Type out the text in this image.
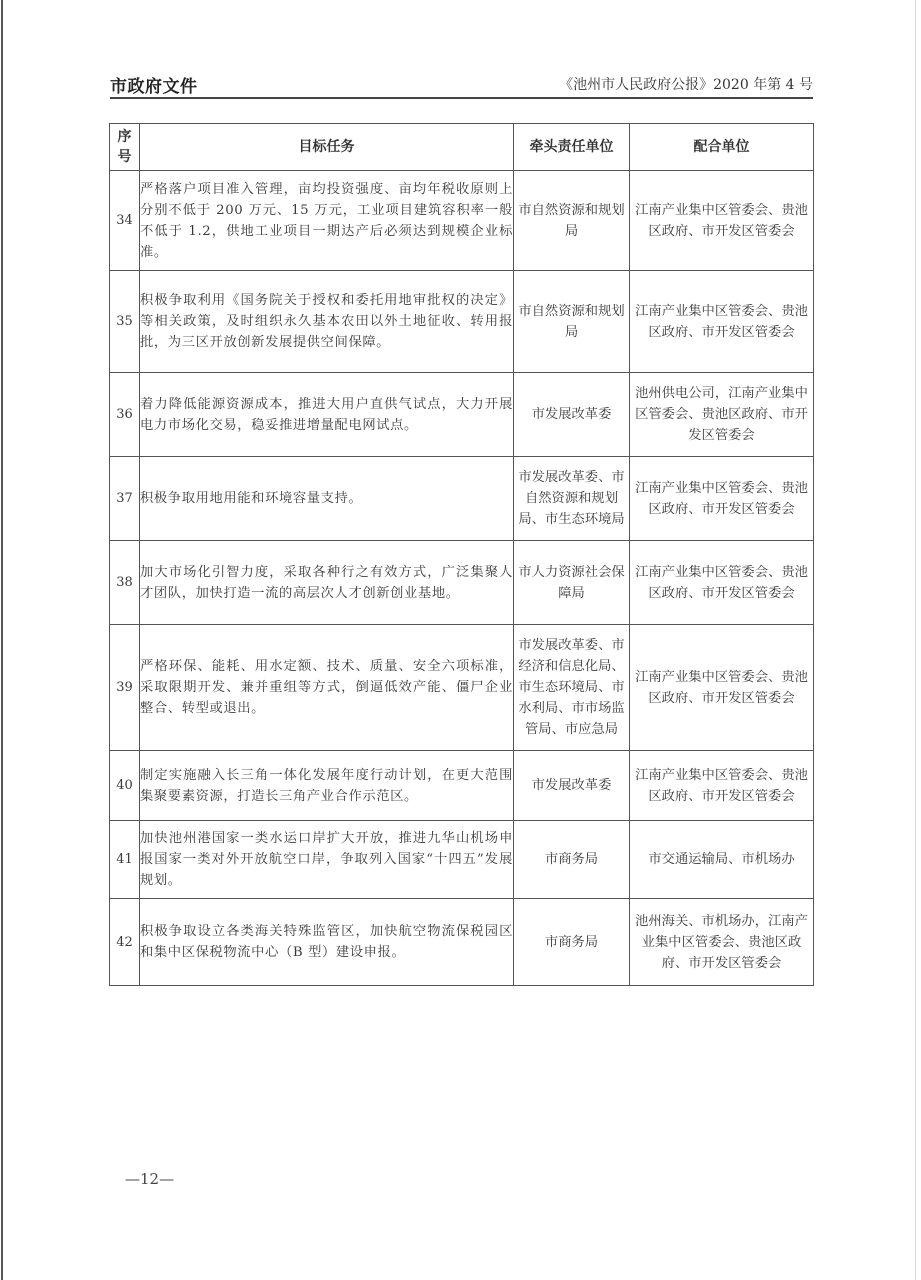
市政府文件	《池州市人民政府公报》2020 年第 4 号
序号	目标任务	牵头责任单位	配合单位
34	严格落户项目准入管理，亩均投资强度、亩均年税收原则上分别不低于 200 万元、15 万元，工业项目建筑容积率一般不低于 1.2，供地工业项目一期达产后必须达到规模企业标准。	市自然资源和规划局	江南产业集中区管委会、贵池区政府、市开发区管委会
35	积极争取利用《国务院关于授权和委托用地审批权的决定》等相关政策，及时组织永久基本农田以外土地征收、转用报批，为三区开放创新发展提供空间保障。	市自然资源和规划局	江南产业集中区管委会、贵池区政府、市开发区管委会
36	着力降低能源资源成本，推进大用户直供气试点，大力开展电力市场化交易，稳妥推进增量配电网试点。	市发展改革委	池州供电公司，江南产业集中区管委会、贵池区政府、市开发区管委会
37	积极争取用地用能和环境容量支持。	市发展改革委、市自然资源和规划局、市生态环境局	江南产业集中区管委会、贵池区政府、市开发区管委会
38	加大市场化引智力度，采取各种行之有效方式，广泛集聚人才团队，加快打造一流的高层次人才创新创业基地。	市人力资源社会保障局	江南产业集中区管委会、贵池区政府、市开发区管委会
39	严格环保、能耗、用水定额、技术、质量、安全六项标准，采取限期开发、兼并重组等方式，倒逼低效产能、僵尸企业整合、转型或退出。	市发展改革委、市经济和信息化局、市生态环境局、市水利局、市市场监管局、市应急局	江南产业集中区管委会、贵池区政府、市开发区管委会
40	制定实施融入长三角一体化发展年度行动计划，在更大范围集聚要素资源，打造长三角产业合作示范区。	市发展改革委	江南产业集中区管委会、贵池区政府、市开发区管委会
41	加快池州港国家一类水运口岸扩大开放，推进九华山机场申报国家一类对外开放航空口岸，争取列入国家“十四五”发展规划。	市商务局	市交通运输局、市机场办
42	积极争取设立各类海关特殊监管区，加快航空物流保税园区和集中区保税物流中心（B 型）建设申报。	市商务局	池州海关、市机场办，江南产业集中区管委会、贵池区政府、市开发区管委会
—12—
